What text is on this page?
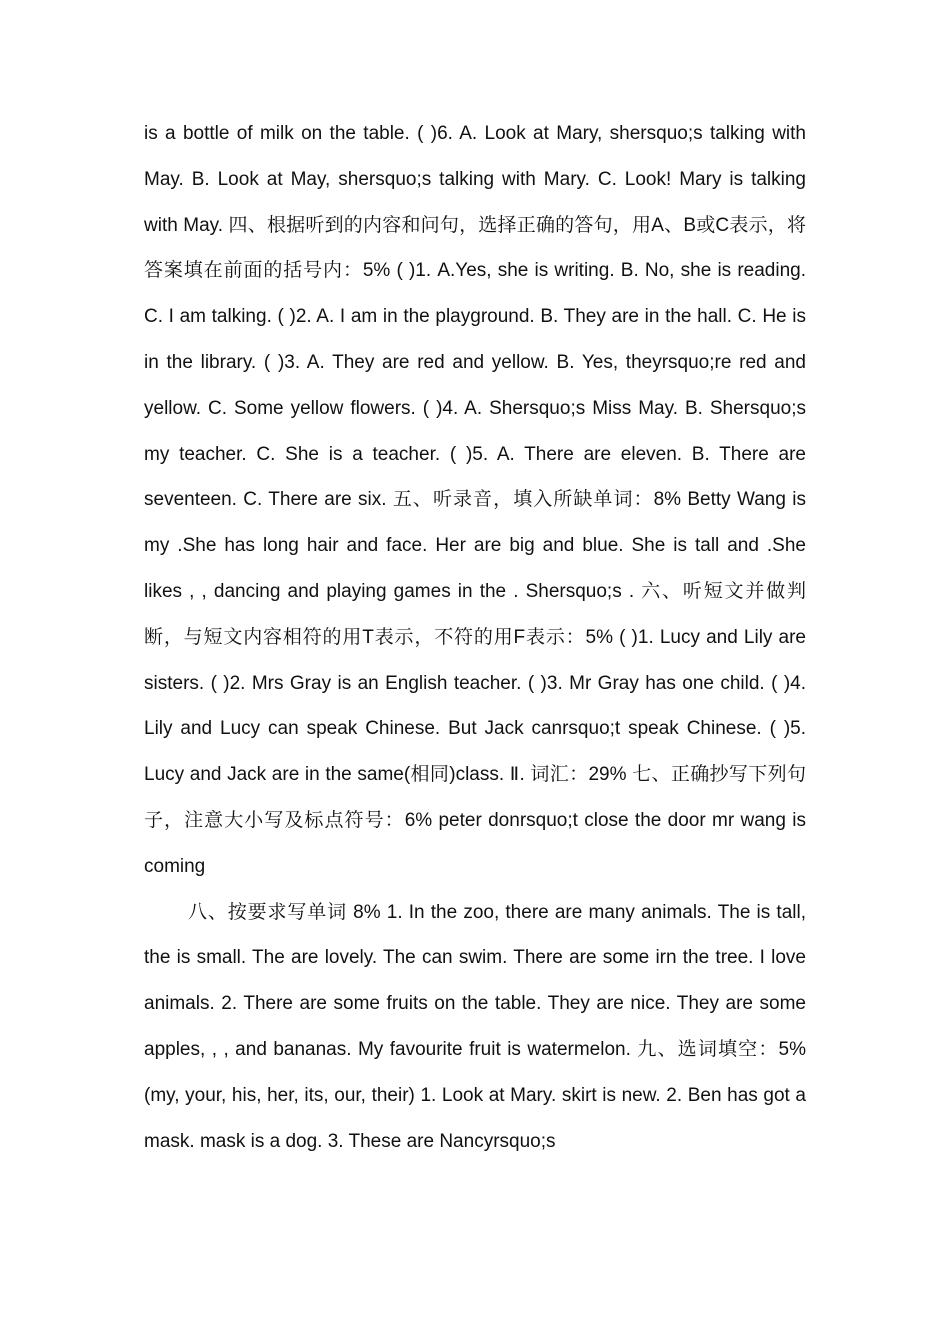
is a bottle of milk on the table. ( )6. A. Look at Mary, shersquo;s talking with May. B. Look at May, shersquo;s talking with Mary. C. Look! Mary is talking with May. 四、根据听到的内容和问句，选择正确的答句，用A、B或C表示，将答案填在前面的括号内：5% ( )1. A.Yes, she is writing. B. No, she is reading. C. I am talking. ( )2. A. I am in the playground. B. They are in the hall. C. He is in the library. ( )3. A. They are red and yellow. B. Yes, theyrsquo;re red and yellow. C. Some yellow flowers. ( )4. A. Shersquo;s Miss May. B. Shersquo;s my teacher. C. She is a teacher. ( )5. A. There are eleven. B. There are seventeen. C. There are six. 五、听录音，填入所缺单词：8% Betty Wang is my .She has long hair and face. Her are big and blue. She is tall and .She likes , , dancing and playing games in the . Shersquo;s . 六、听短文并做判断，与短文内容相符的用T表示，不符的用F表示：5% ( )1. Lucy and Lily are sisters. ( )2. Mrs Gray is an English teacher. ( )3. Mr Gray has one child. ( )4. Lily and Lucy can speak Chinese. But Jack canrsquo;t speak Chinese. ( )5. Lucy and Jack are in the same(相同)class. Ⅱ. 词汇：29% 七、正确抄写下列句子，注意大小写及标点符号：6% peter donrsquo;t close the door mr wang is coming

八、按要求写单词 8% 1. In the zoo, there are many animals. The is tall, the is small. The are lovely. The can swim. There are some irn the tree. I love animals. 2. There are some fruits on the table. They are nice. They are some apples, , , and bananas. My favourite fruit is watermelon. 九、选词填空：5% (my, your, his, her, its, our, their) 1. Look at Mary. skirt is new. 2. Ben has got a mask. mask is a dog. 3. These are Nancyrsquo;s
